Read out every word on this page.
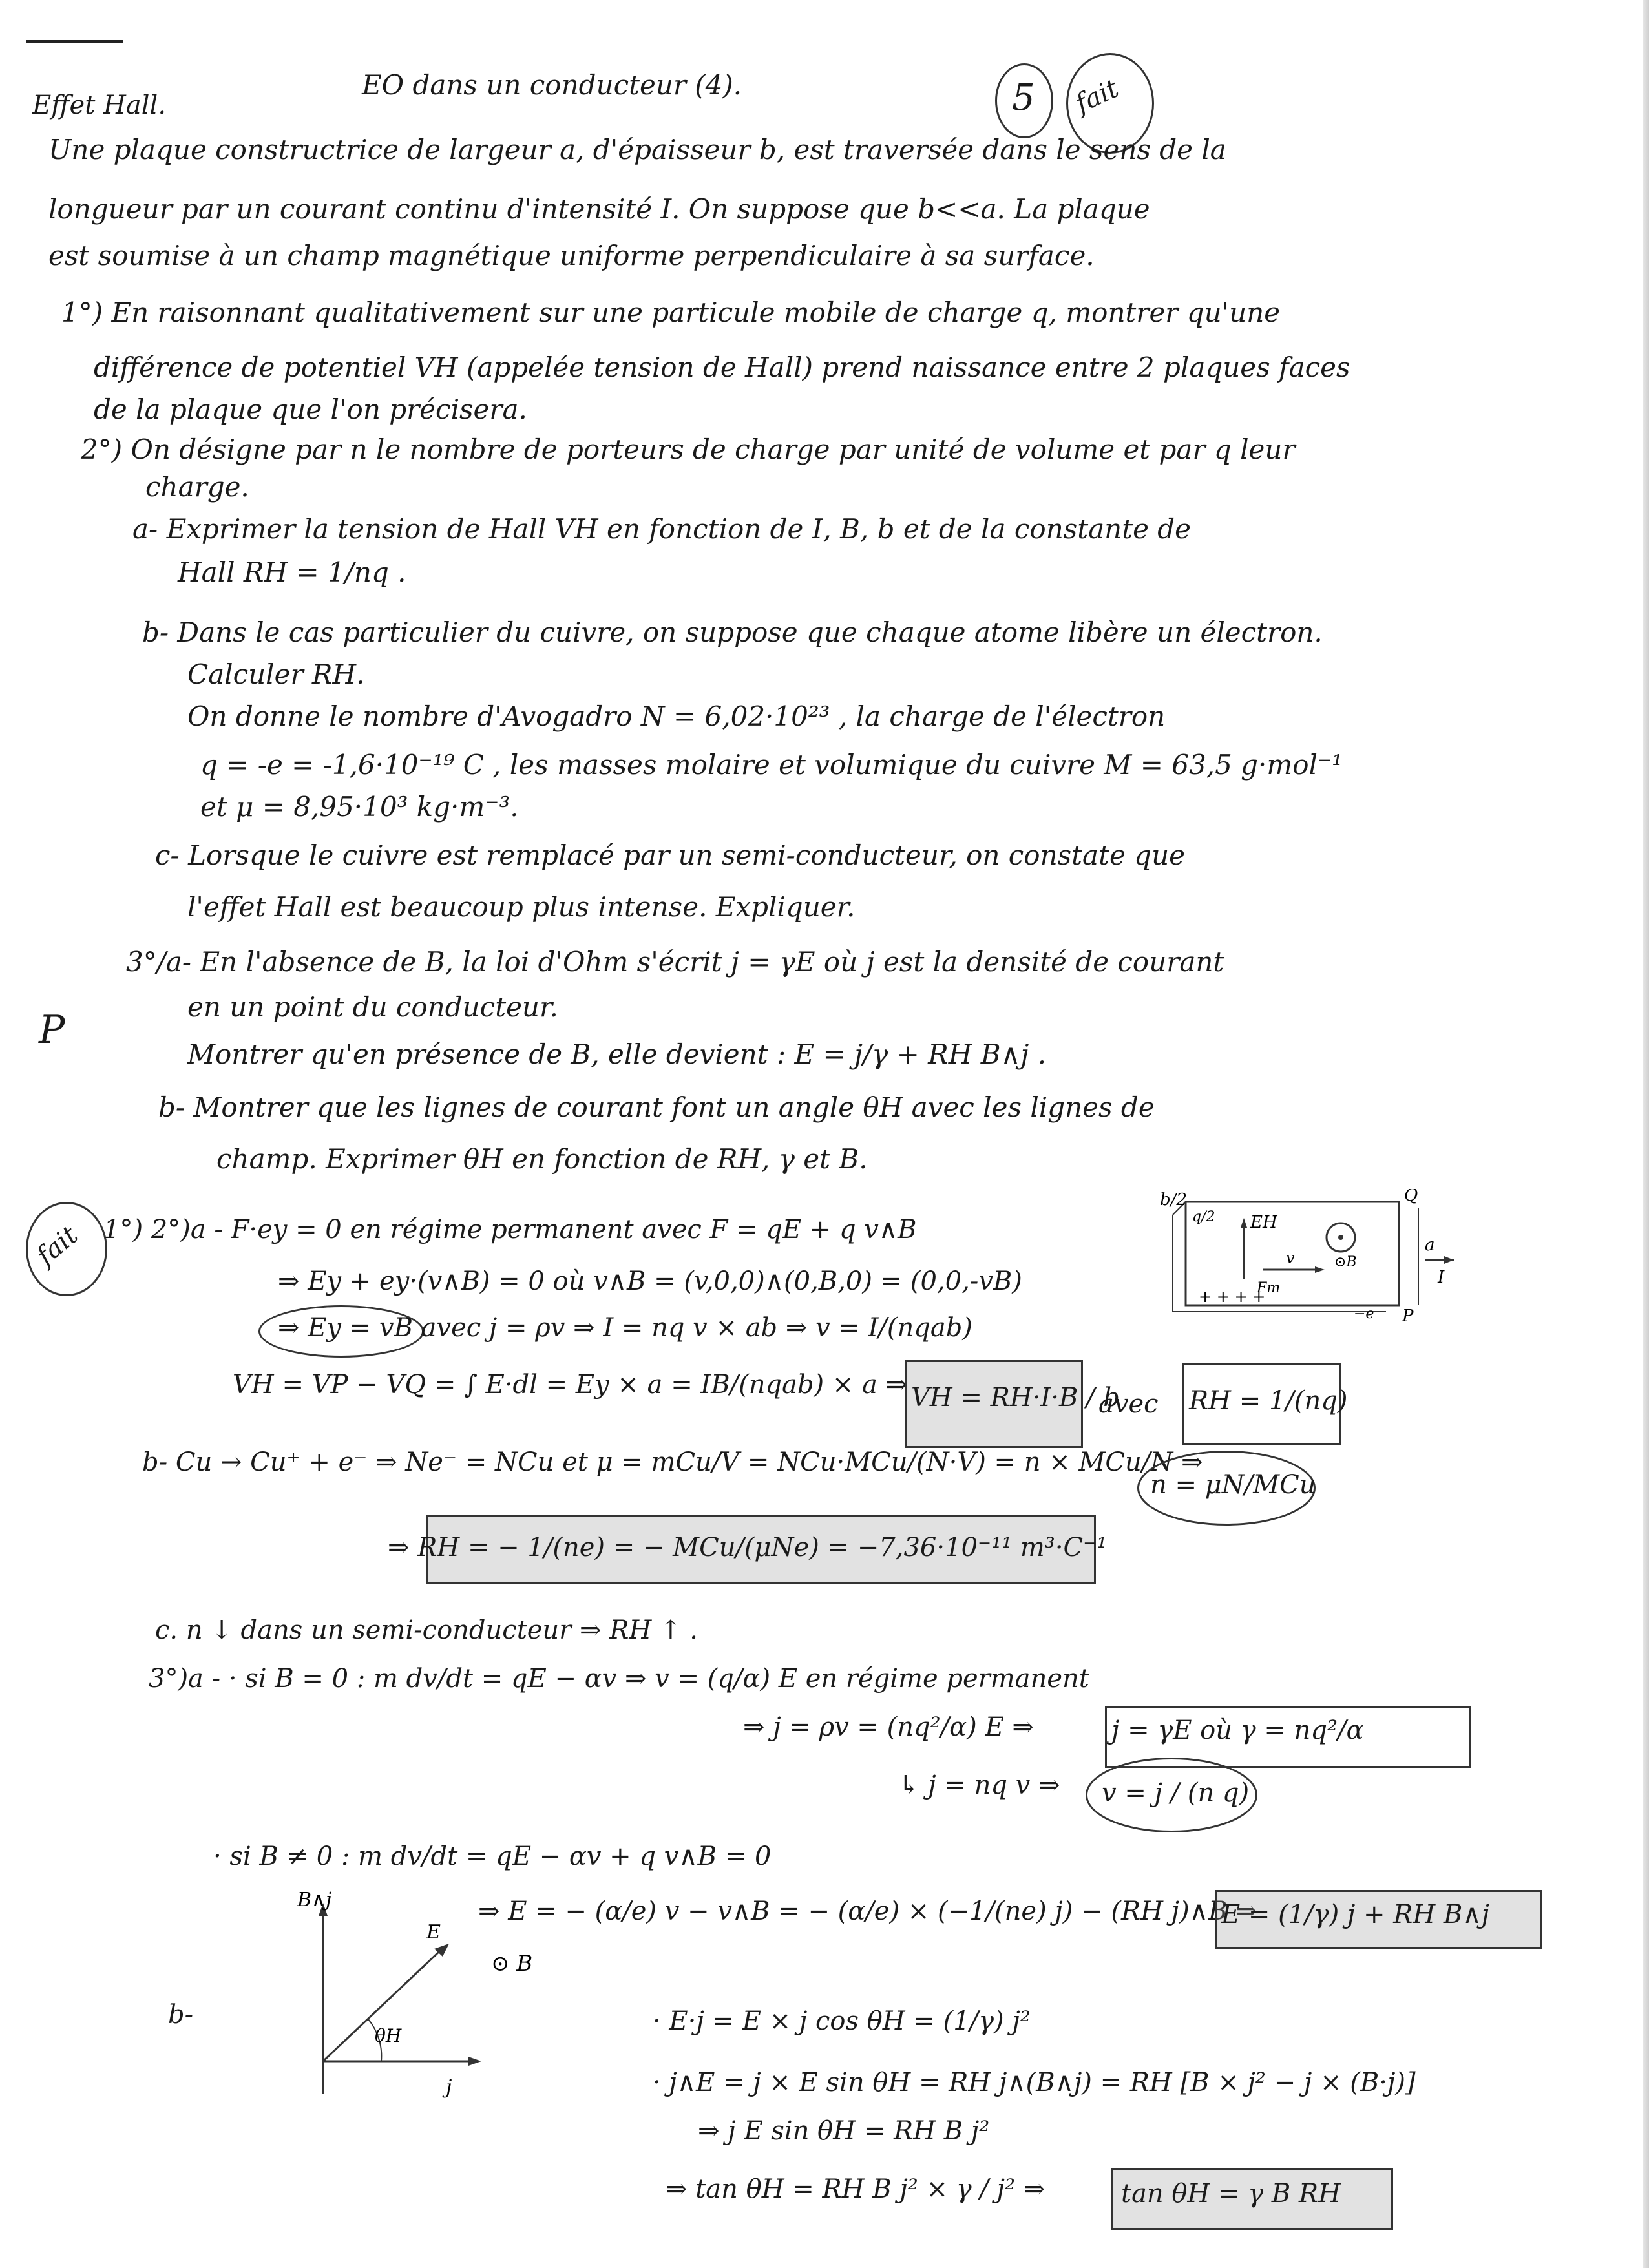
Effet Hall.
EO dans un conducteur (4).	5 fait
Une plaque constructrice de largeur a, d'épaisseur b, est traversée dans le sens de la
longueur par un courant continu d'intensité I. On suppose que b<<a. La plaque
est soumise à un champ magnétique uniforme perpendiculaire à sa surface.
1°) En raisonnant qualitativement sur une particule mobile de charge q, montrer qu'une
différence de potentiel VH (appelée tension de Hall) prend naissance entre 2 plaques faces
de la plaque que l'on précisera.
2°) On désigne par n le nombre de porteurs de charge par unité de volume et par q leur
charge.
a- Exprimer la tension de Hall VH en fonction de I, B, b et de la constante de
Hall RH = 1/nq .
b- Dans le cas particulier du cuivre, on suppose que chaque atome libère un électron.
Calculer RH.
On donne le nombre d'Avogadro N = 6,02·10²³ , la charge de l'électron
q = -e = -1,6·10⁻¹⁹ C , les masses molaire et volumique du cuivre M = 63,5 g·mol⁻¹
et μ = 8,95·10³ kg·m⁻³.
c- Lorsque le cuivre est remplacé par un semi-conducteur, on constate que
l'effet Hall est beaucoup plus intense. Expliquer.
3°/a- En l'absence de B, la loi d'Ohm s'écrit j = γE où j est la densité de courant
en un point du conducteur.
Montrer qu'en présence de B, elle devient : E = j/γ + RH B∧j .
P
b- Montrer que les lignes de courant font un angle θH avec les lignes de
champ. Exprimer θH en fonction de RH, γ et B.
fait 1°) 2°)a - F·ey = 0 en régime permanent avec F = qE + q v∧B
⇒ Ey + ey·(v∧B) = 0 où v∧B = (v,0,0)∧(0,B,0) = (0,0,-vB)
⇒ Ey = vB avec j = ρv ⇒ I = nq v × ab ⇒ v = I/(nqab)
VH = VP − VQ = ∫ E·dl = Ey × a = IB/(nqab) × a ⇒ VH = RH·I·B / b
avec RH = 1/(nq)
b- Cu → Cu⁺ + e⁻ ⇒ Ne⁻ = NCu et μ = mCu/V = NCu·MCu/(N·V) = n × MCu/N ⇒
n = μN/MCu
⇒ RH = − 1/(ne) = − MCu/(μNe) = −7,36·10⁻¹¹ m³·C⁻¹
c. n ↓ dans un semi-conducteur ⇒ RH ↑ .
3°)a - · si B = 0 : m dv/dt = qE − αv ⇒ v = (q/α) E en régime permanent
⇒ j = ρv = (nq²/α) E ⇒	j = γE où γ = nq²/α
↳ j = nq v ⇒ v = j / (n q)
· si B ≠ 0 : m dv/dt = qE − αv + q v∧B = 0
⇒ E = − (α/e) v − v∧B = − (α/e) × (−1/(ne) j) − (RH j)∧B ⇒
E = (1/γ) j + RH B∧j
b-	· E·j = E × j cos θH = (1/γ) j²
· j∧E = j × E sin θH = RH j∧(B∧j) = RH [B × j² − j × (B·j)]
⇒ j E sin θH = RH B j²
⇒ tan θH = RH B j² × γ / j² ⇒	tan θH = γ B RH
b/2	Q
P
EH
⊙B
v
Fm
a
I
q/2
−e
+ + + +
B∧j
E
j
θH
⊙ B
